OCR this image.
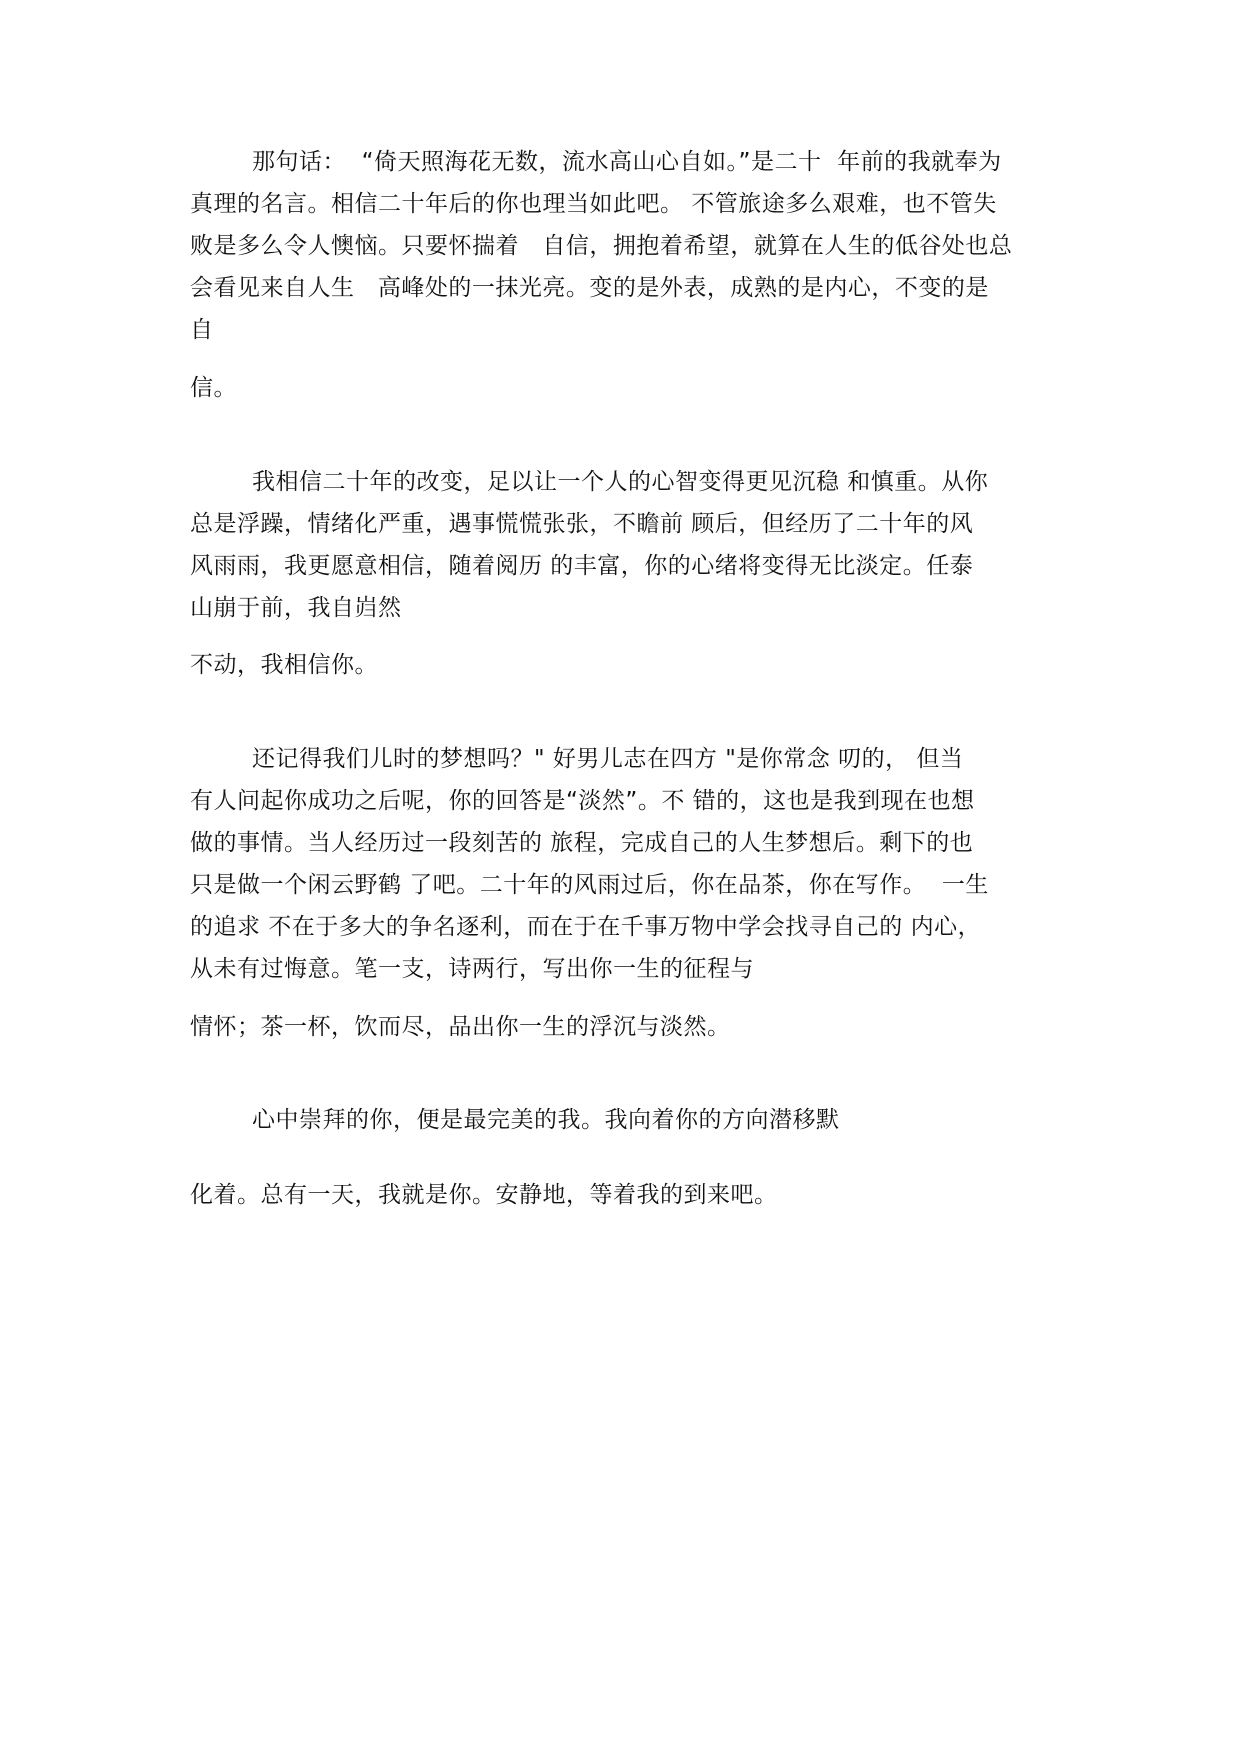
那句话：  “倚天照海花无数，流水高山心自如。”是二十  年前的我就奉为
真理的名言。相信二十年后的你也理当如此吧。 不管旅途多么艰难，也不管失
败是多么令人懊恼。只要怀揣着   自信，拥抱着希望，就算在人生的低谷处也总
会看见来自人生   高峰处的一抹光亮。变的是外表，成熟的是内心，不变的是
自
信。
我相信二十年的改变，足以让一个人的心智变得更见沉稳 和慎重。从你
总是浮躁，情绪化严重，遇事慌慌张张，不瞻前 顾后，但经历了二十年的风
风雨雨，我更愿意相信，随着阅历 的丰富，你的心绪将变得无比淡定。任泰
山崩于前，我自岿然
不动，我相信你。
还记得我们儿时的梦想吗？" 好男儿志在四方 "是你常念 叨的， 但当
有人问起你成功之后呢，你的回答是“淡然”。不 错的，这也是我到现在也想
做的事情。当人经历过一段刻苦的 旅程，完成自己的人生梦想后。剩下的也
只是做一个闲云野鹤 了吧。二十年的风雨过后，你在品茶，你在写作。  一生
的追求 不在于多大的争名逐利，而在于在千事万物中学会找寻自己的 内心，
从未有过悔意。笔一支，诗两行，写出你一生的征程与
情怀；茶一杯，饮而尽，品出你一生的浮沉与淡然。
心中崇拜的你，便是最完美的我。我向着你的方向潜移默
化着。总有一天，我就是你。安静地，等着我的到来吧。
